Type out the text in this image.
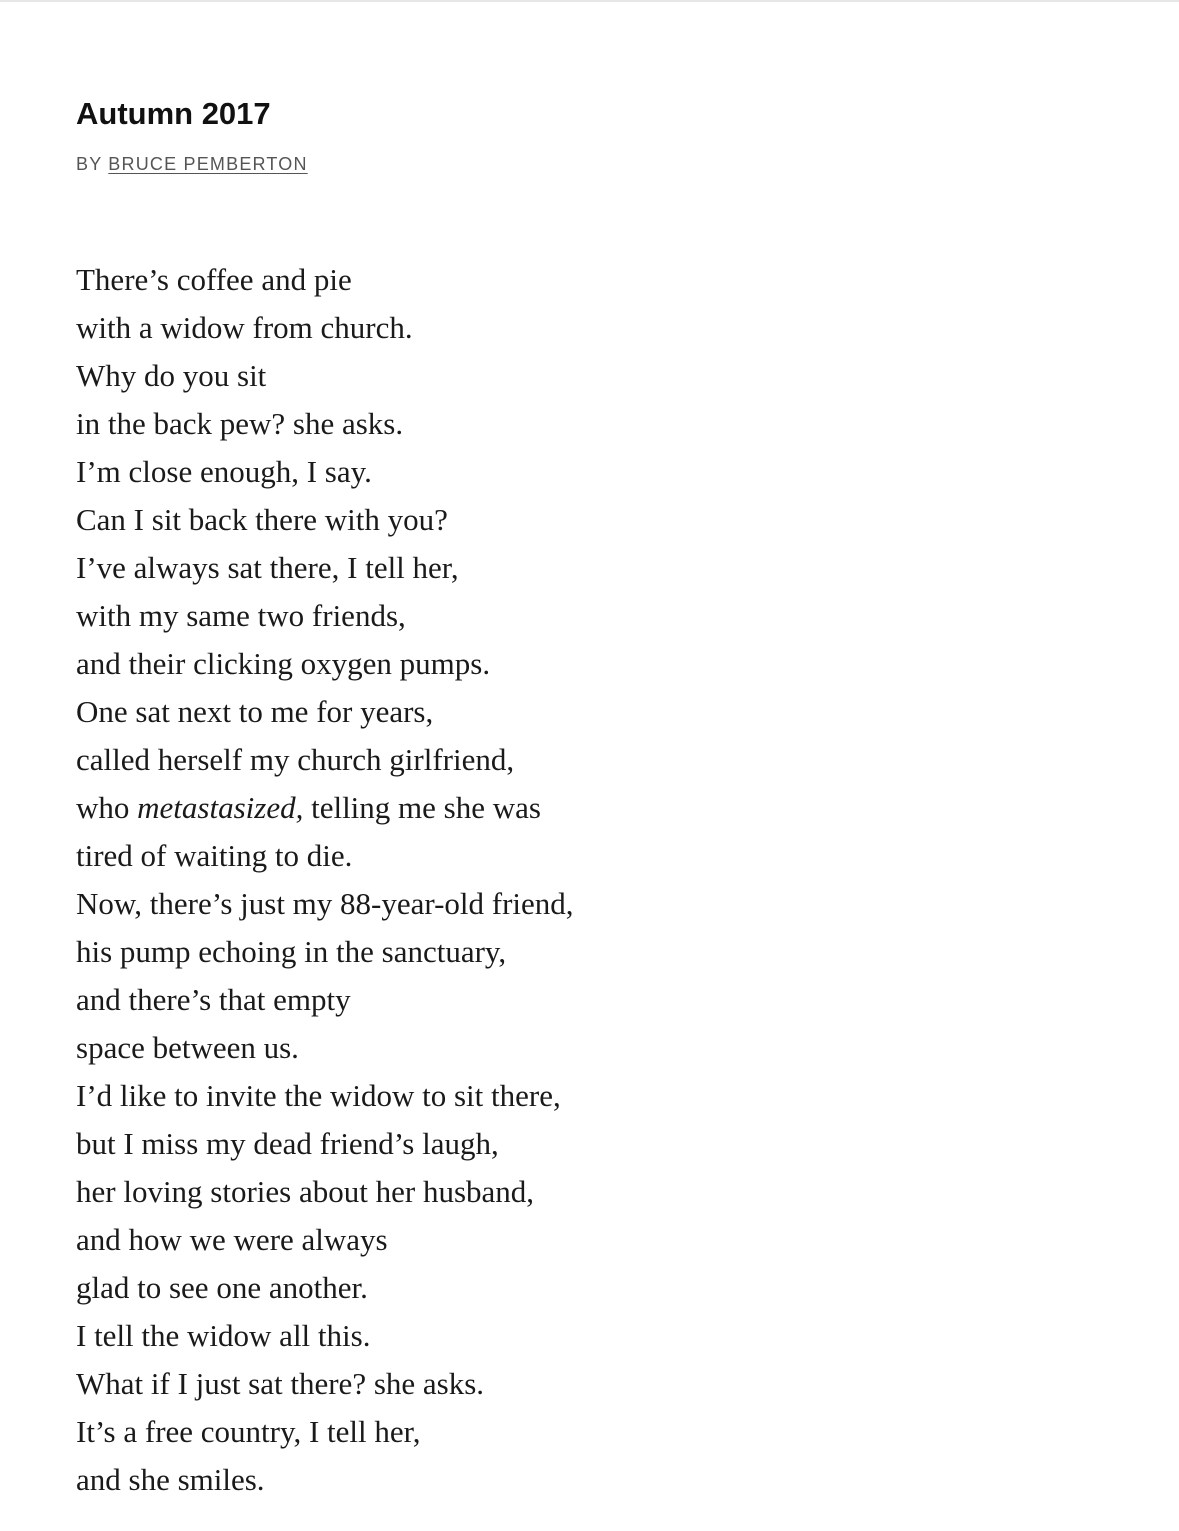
Autumn 2017
BY BRUCE PEMBERTON
There’s coffee and pie
with a widow from church.
Why do you sit
in the back pew? she asks.
I’m close enough, I say.
Can I sit back there with you?
I’ve always sat there, I tell her,
with my same two friends,
and their clicking oxygen pumps.
One sat next to me for years,
called herself my church girlfriend,
who metastasized, telling me she was
tired of waiting to die.
Now, there’s just my 88-year-old friend,
his pump echoing in the sanctuary,
and there’s that empty
space between us.
I’d like to invite the widow to sit there,
but I miss my dead friend’s laugh,
her loving stories about her husband,
and how we were always
glad to see one another.
I tell the widow all this.
What if I just sat there? she asks.
It’s a free country, I tell her,
and she smiles.
